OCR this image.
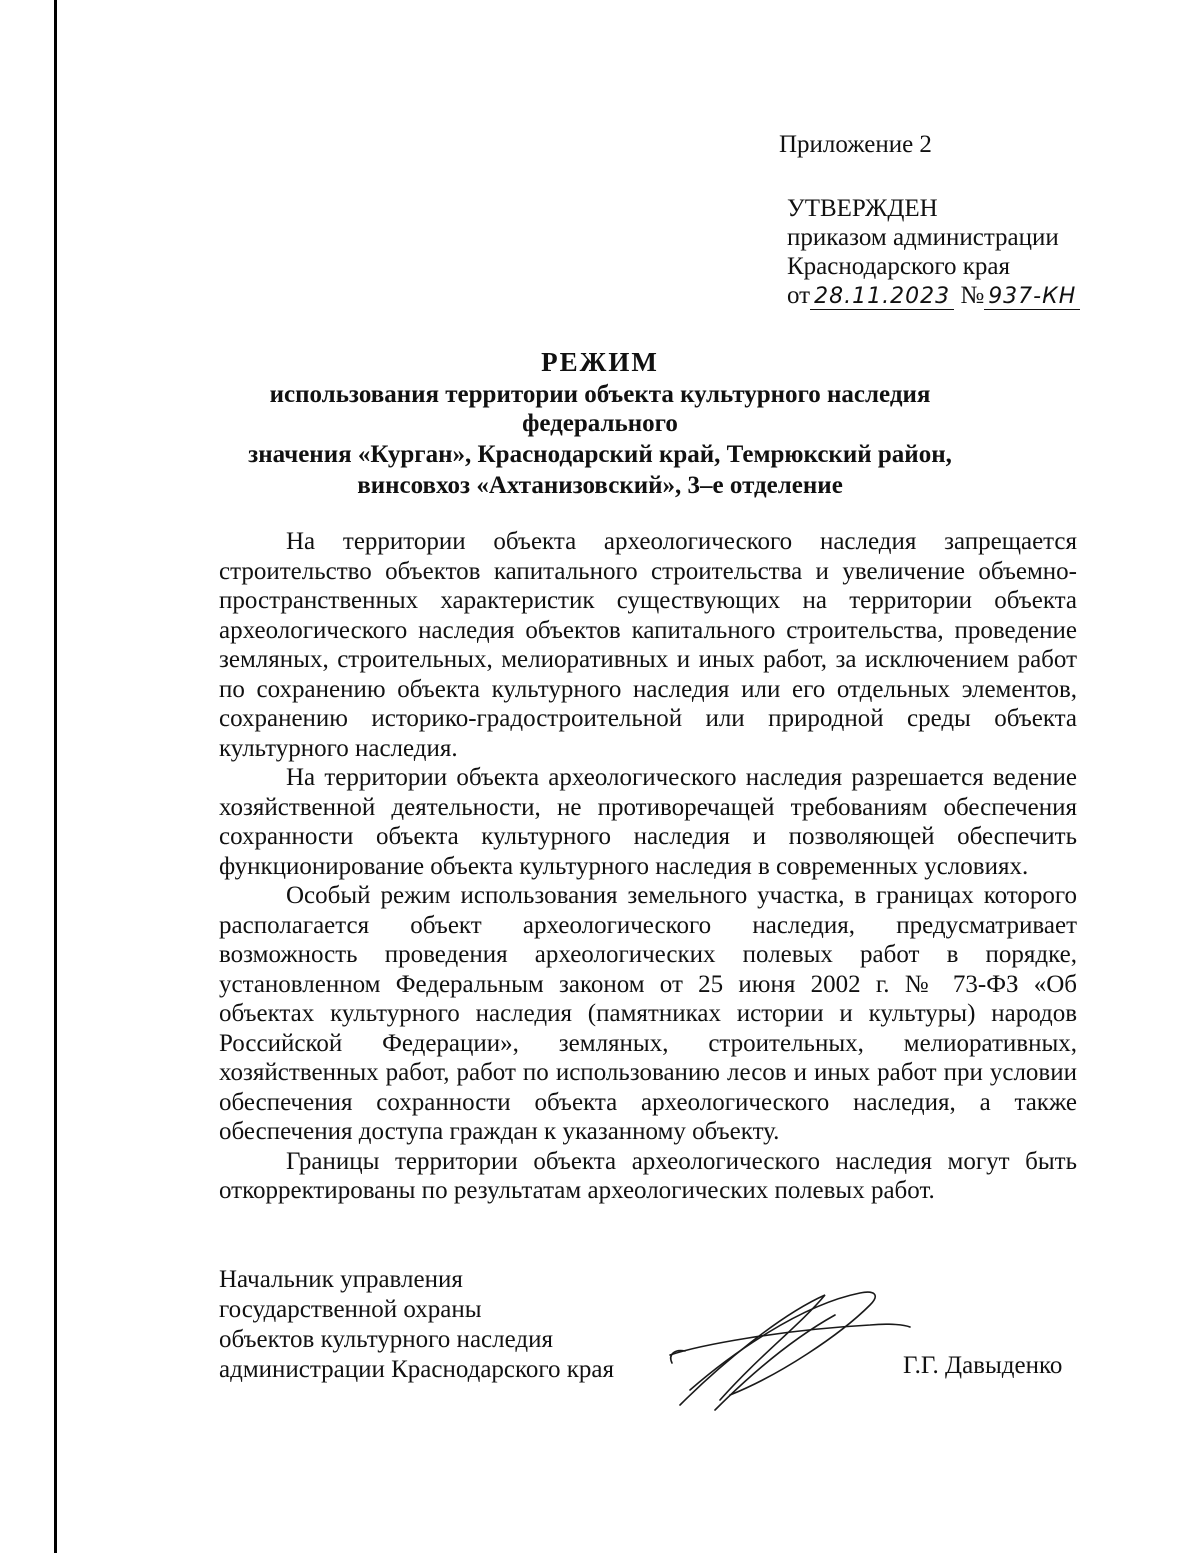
Приложение 2
УТВЕРЖДЕН
приказом администрации
Краснодарского края
от 28.11.2023 № 937-КН
РЕЖИМ
использования территории объекта культурного наследия федерального
значения «Курган», Краснодарский край, Темрюкский район,
винсовхоз «Ахтанизовский», 3–е отделение

На территории объекта археологического наследия запрещается строительство объектов капитального строительства и увеличение объемно-пространственных характеристик существующих на территории объекта археологического наследия объектов капитального строительства, проведение земляных, строительных, мелиоративных и иных работ, за исключением работ по сохранению объекта культурного наследия или его отдельных элементов, сохранению историко-градостроительной или природной среды объекта культурного наследия.

На территории объекта археологического наследия разрешается ведение хозяйственной деятельности, не противоречащей требованиям обеспечения сохранности объекта культурного наследия и позволяющей обеспечить функционирование объекта культурного наследия в современных условиях.

Особый режим использования земельного участка, в границах которого располагается объект археологического наследия, предусматривает возможность проведения археологических полевых работ в порядке, установленном Федеральным законом от 25 июня 2002 г. № 73-ФЗ «Об объектах культурного наследия (памятниках истории и культуры) народов Российской Федерации», земляных, строительных, мелиоративных, хозяйственных работ, работ по использованию лесов и иных работ при условии обеспечения сохранности объекта археологического наследия, а также обеспечения доступа граждан к указанному объекту.

Границы территории объекта археологического наследия могут быть откорректированы по результатам археологических полевых работ.

Начальник управления
государственной охраны
объектов культурного наследия
администрации Краснодарского края	Г.Г. Давыденко
